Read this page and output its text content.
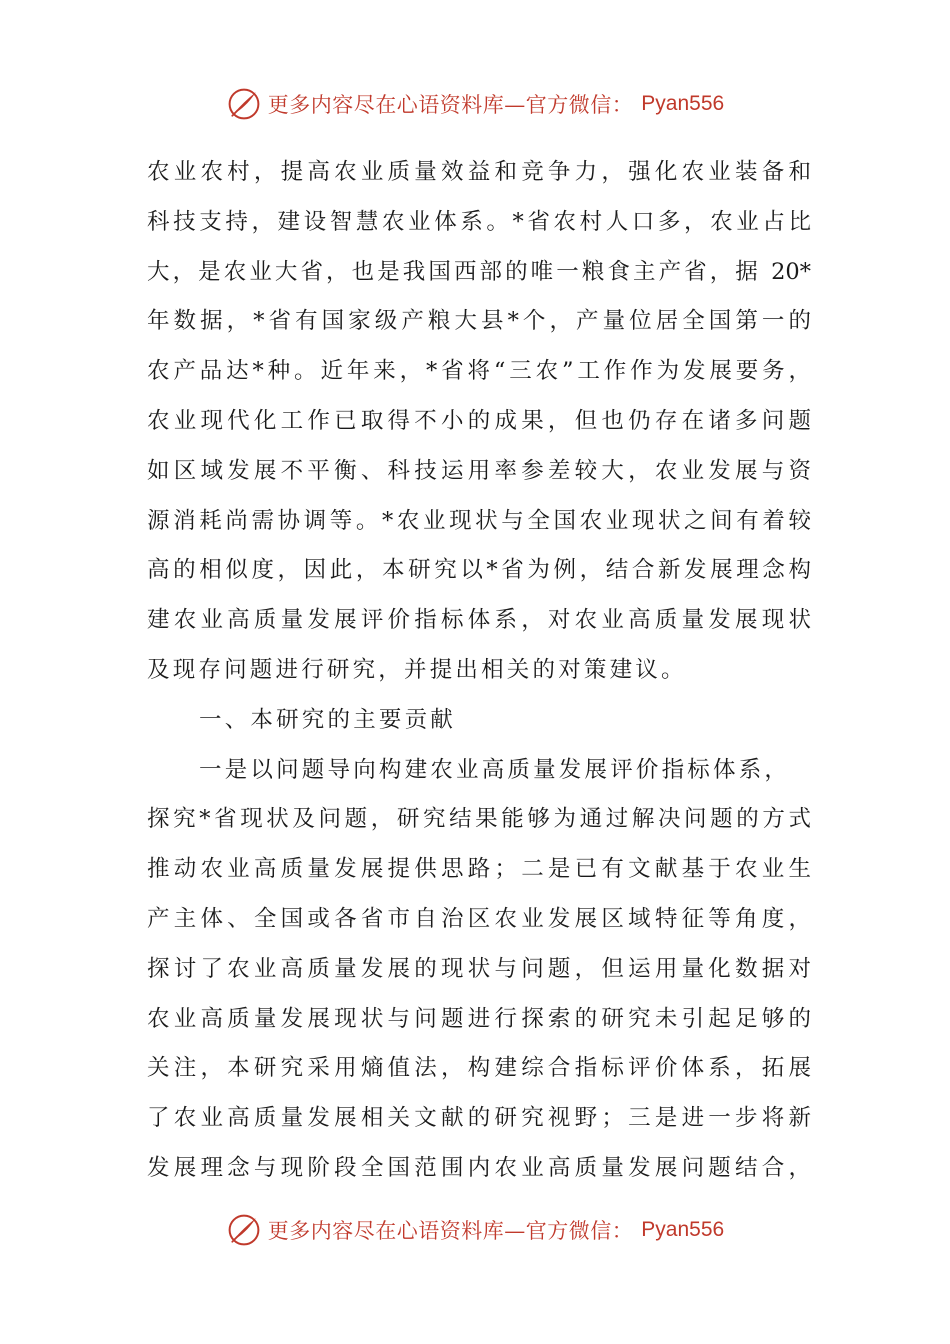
更多内容尽在心语资料库—官方微信： Pyan556
农业农村，提高农业质量效益和竞争力，强化农业装备和
科技支持，建设智慧农业体系。*省农村人口多，农业占比
大，是农业大省，也是我国西部的唯一粮食主产省，据 20*
年数据，*省有国家级产粮大县*个，产量位居全国第一的
农产品达*种。近年来，*省将“三农”工作作为发展要务，
农业现代化工作已取得不小的成果，但也仍存在诸多问题
如区域发展不平衡、科技运用率参差较大，农业发展与资
源消耗尚需协调等。*农业现状与全国农业现状之间有着较
高的相似度，因此，本研究以*省为例，结合新发展理念构
建农业高质量发展评价指标体系，对农业高质量发展现状
及现存问题进行研究，并提出相关的对策建议。
一、本研究的主要贡献
一是以问题导向构建农业高质量发展评价指标体系，
探究*省现状及问题，研究结果能够为通过解决问题的方式
推动农业高质量发展提供思路；二是已有文献基于农业生
产主体、全国或各省市自治区农业发展区域特征等角度，
探讨了农业高质量发展的现状与问题，但运用量化数据对
农业高质量发展现状与问题进行探索的研究未引起足够的
关注，本研究采用熵值法，构建综合指标评价体系，拓展
了农业高质量发展相关文献的研究视野；三是进一步将新
发展理念与现阶段全国范围内农业高质量发展问题结合，
更多内容尽在心语资料库—官方微信： Pyan556
